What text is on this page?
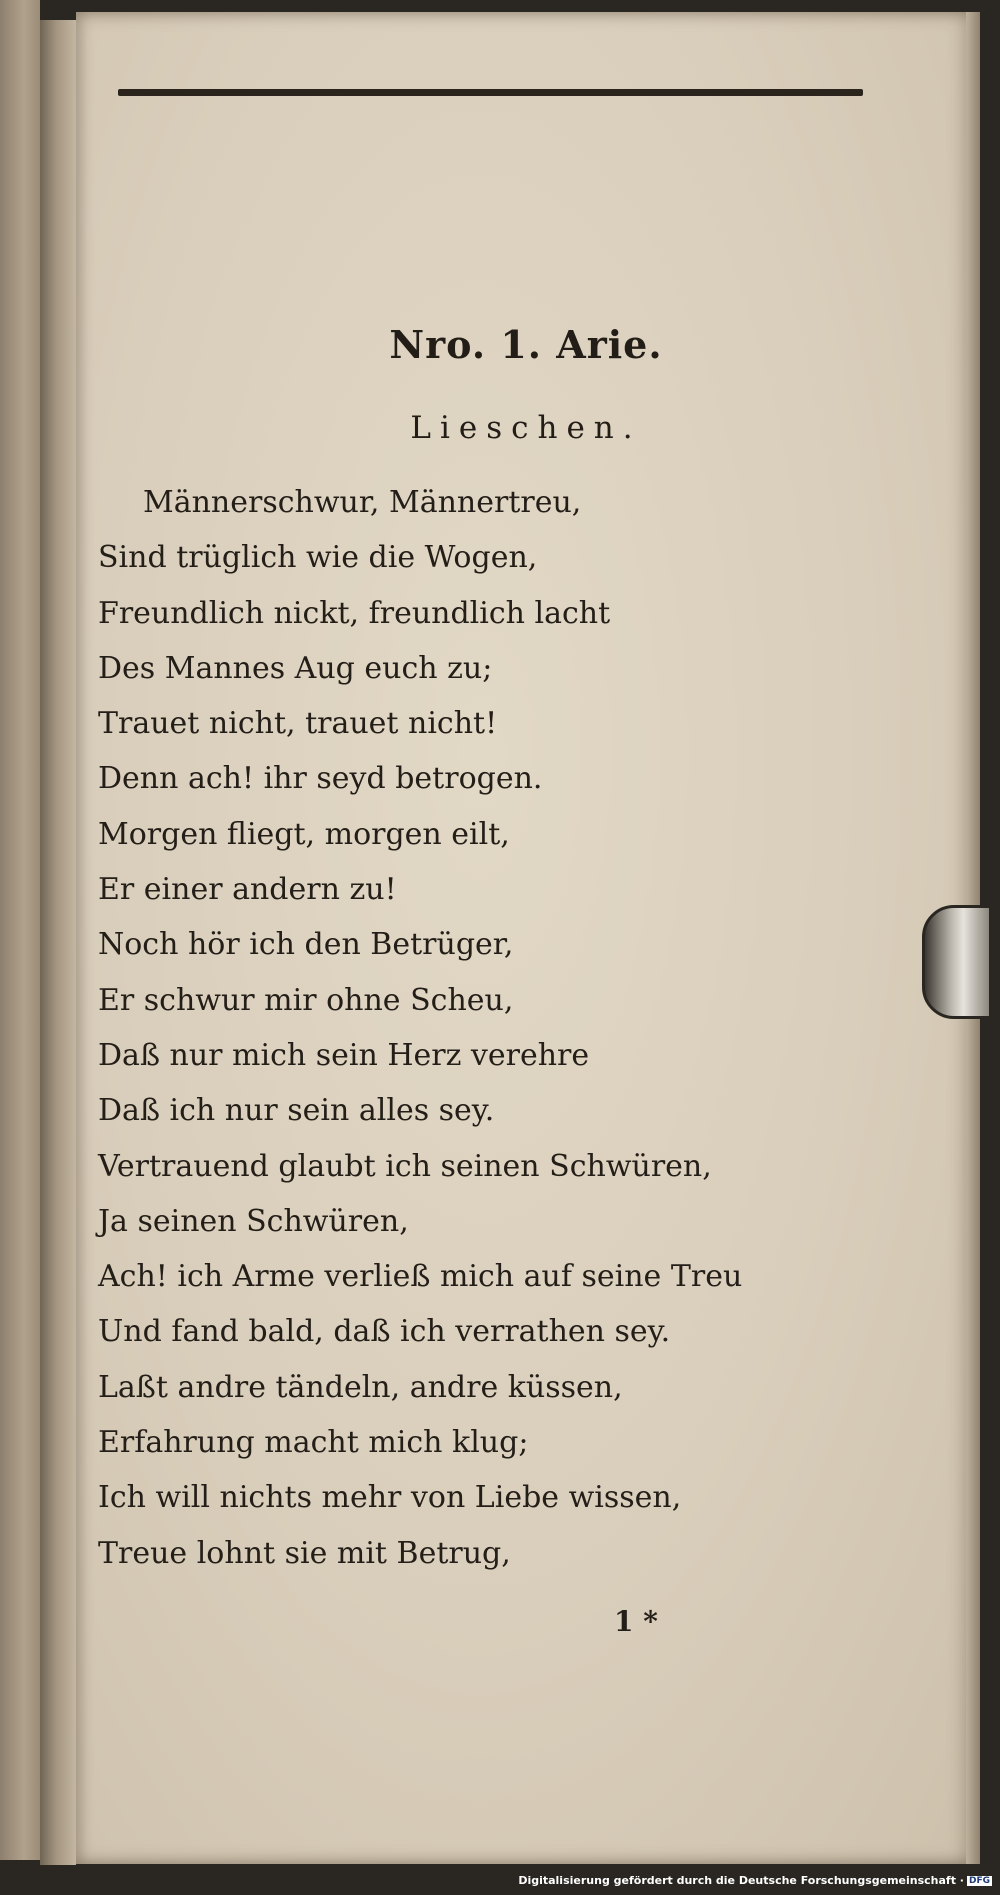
Nro. 1. Arie.
Lieschen.
Männerschwur, Männertreu,
Sind trüglich wie die Wogen,
Freundlich nickt, freundlich lacht
Des Mannes Aug euch zu;
Trauet nicht, trauet nicht!
Denn ach! ihr seyd betrogen.
Morgen fliegt, morgen eilt,
Er einer andern zu!
Noch hör ich den Betrüger,
Er schwur mir ohne Scheu,
Daß nur mich sein Herz verehre
Daß ich nur sein alles sey.
Vertrauend glaubt ich seinen Schwüren,
Ja seinen Schwüren,
Ach! ich Arme verließ mich auf seine Treu
Und fand bald, daß ich verrathen sey.
Laßt andre tändeln, andre küssen,
Erfahrung macht mich klug;
Ich will nichts mehr von Liebe wissen,
Treue lohnt sie mit Betrug,
1 *
Digitalisierung gefördert durch die Deutsche Forschungsgemeinschaft · DFG
